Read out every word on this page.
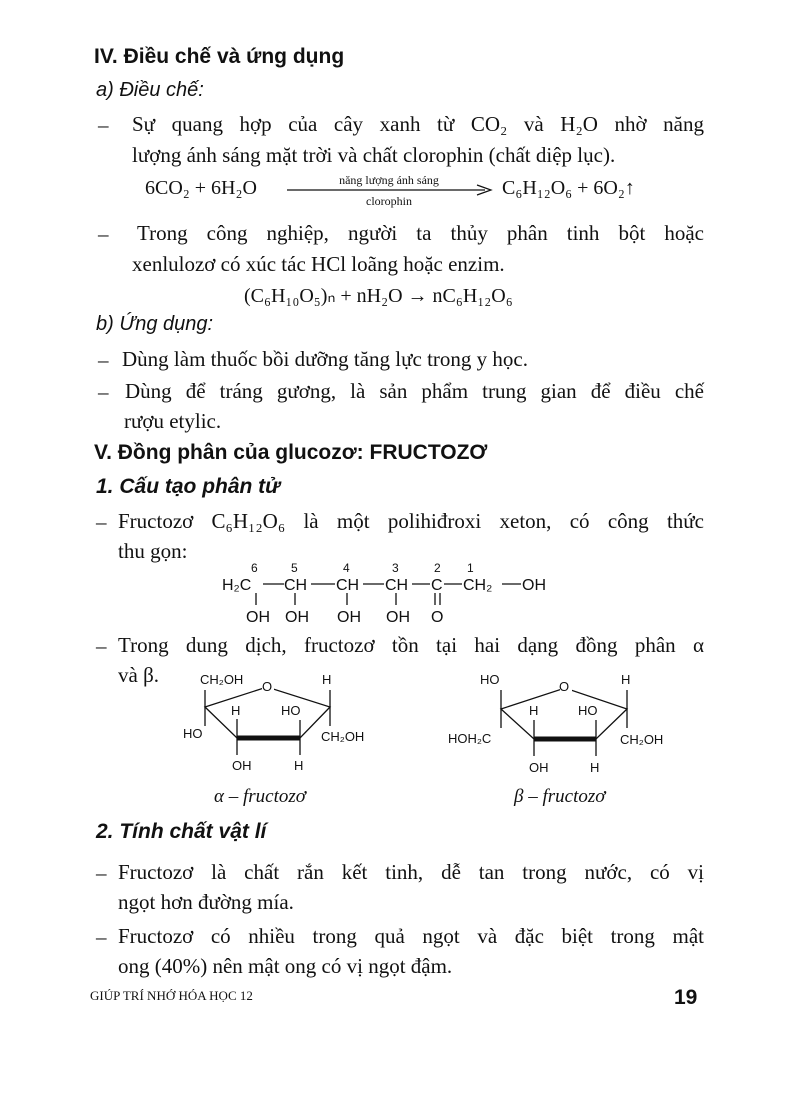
IV. Điều chế và ứng dụng
a) Điều chế:
– Sự quang hợp của cây xanh từ CO₂ và H₂O nhờ năng
lượng ánh sáng mặt trời và chất clorophin (chất diệp lục).
6CO₂ + 6H₂O	năng lượng ánh sáng
clorophin
C₆H₁₂O₆ + 6O₂↑
– Trong công nghiệp, người ta thủy phân tinh bột hoặc
xenlulozơ có xúc tác HCl loãng hoặc enzim.
(C₆H₁₀O₅)ₙ + nH₂O → nC₆H₁₂O₆
b) Ứng dụng:
– Dùng làm thuốc bồi dưỡng tăng lực trong y học.
– Dùng để tráng gương, là sản phẩm trung gian để điều chế
rượu etylic.
V. Đồng phân của glucozơ: FRUCTOZƠ
1. Cấu tạo phân tử
– Fructozơ C₆H₁₂O₆ là một polihiđroxi xeton, có công thức
thu gọn:
6	5	4	3	2 1
H₂C CH CH CH C CH₂ OH
OH OH OH OH O
– Trong dung dịch, fructozơ tồn tại hai dạng đồng phân α
và β.	CH₂OH O	H
HO
H	HO
CH₂OH
OH	H
α – fructozơ
HO	O	H
HOH₂C
H	HO
CH₂OH
OH	H
β – fructozơ
2. Tính chất vật lí
– Fructozơ là chất rắn kết tinh, dễ tan trong nước, có vị
ngọt hơn đường mía.
– Fructozơ có nhiều trong quả ngọt và đặc biệt trong mật
ong (40%) nên mật ong có vị ngọt đậm.
GIÚP TRÍ NHỚ HÓA HỌC 12	19
